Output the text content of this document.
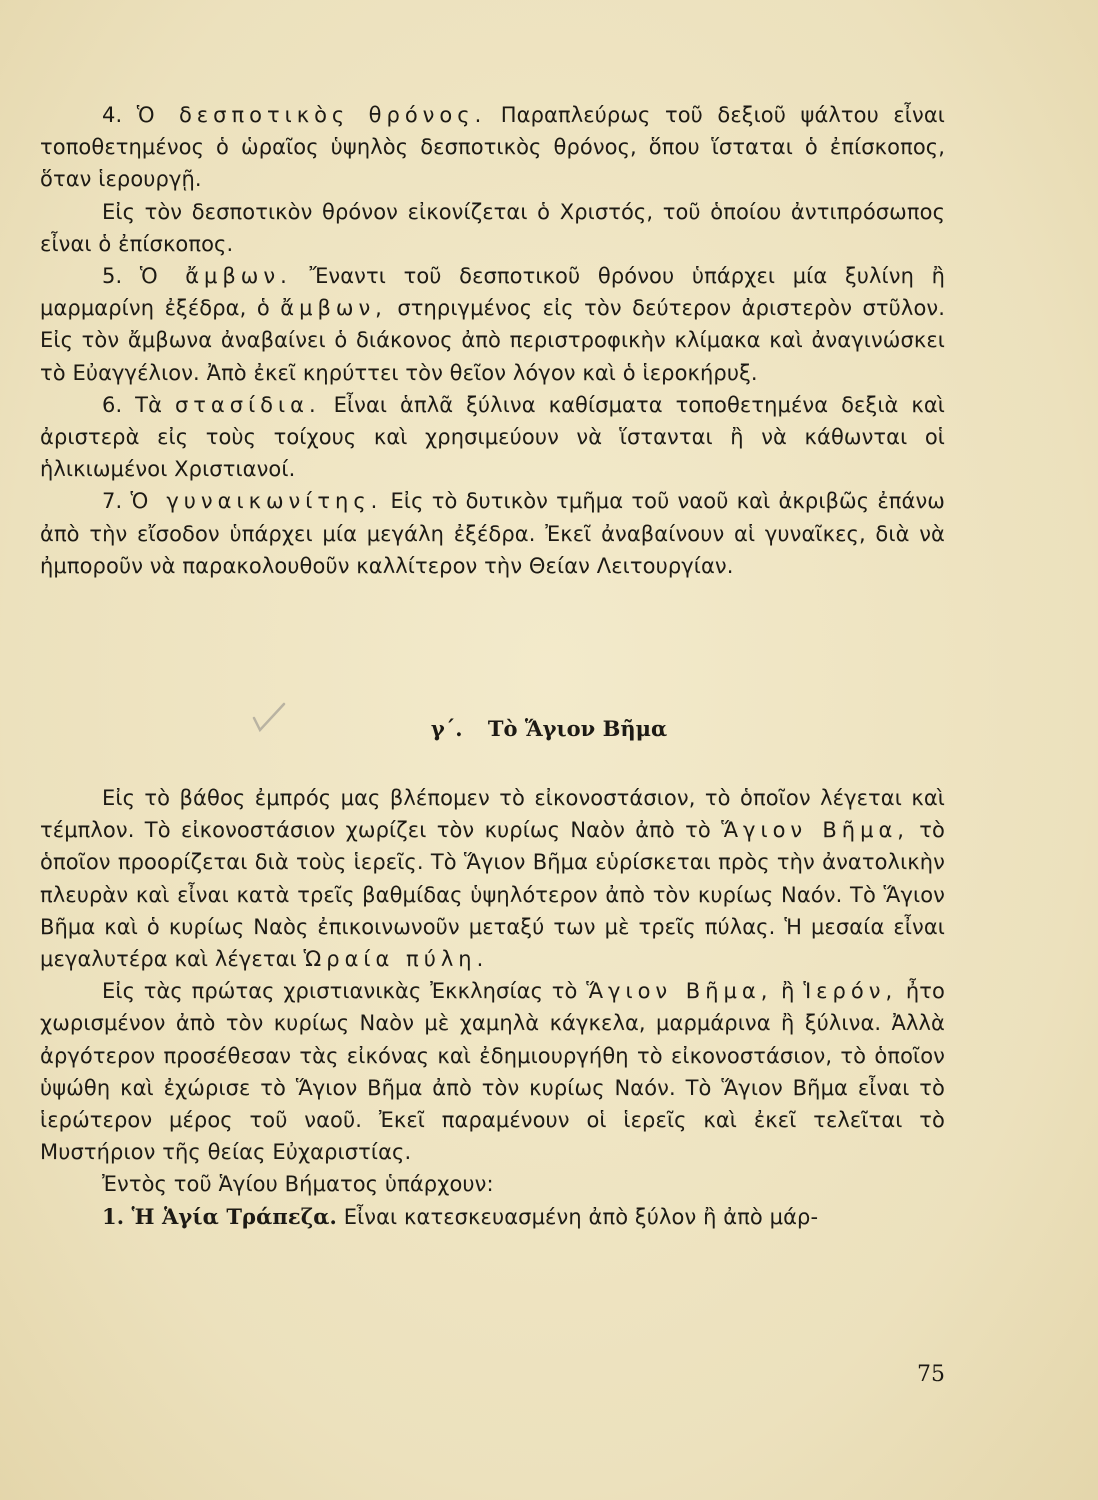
4. Ὁ δεσποτικὸς θρόνος. Παραπλεύρως τοῦ δεξιοῦ ψάλτου εἶναι τοποθετημένος ὁ ὡραῖος ὑψηλὸς δεσποτικὸς θρόνος, ὅπου ἵσταται ὁ ἐπίσκοπος, ὅταν ἱερουργῇ.

Εἰς τὸν δεσποτικὸν θρόνον εἰκονίζεται ὁ Χριστός, τοῦ ὁποίου ἀντιπρόσωπος εἶναι ὁ ἐπίσκοπος.

5. Ὁ ἄμβων. Ἔναντι τοῦ δεσποτικοῦ θρόνου ὑπάρχει μία ξυλίνη ἢ μαρμαρίνη ἐξέδρα, ὁ ἄμβων, στηριγμένος εἰς τὸν δεύτερον ἀριστερὸν στῦλον. Εἰς τὸν ἄμβωνα ἀναβαίνει ὁ διάκονος ἀπὸ περιστροφικὴν κλίμακα καὶ ἀναγινώσκει τὸ Εὐαγγέλιον. Ἀπὸ ἐκεῖ κηρύττει τὸν θεῖον λόγον καὶ ὁ ἱεροκήρυξ.

6. Τὰ στασίδια. Εἶναι ἁπλᾶ ξύλινα καθίσματα τοποθετημένα δεξιὰ καὶ ἀριστερὰ εἰς τοὺς τοίχους καὶ χρησιμεύουν νὰ ἵστανται ἢ νὰ κάθωνται οἱ ἡλικιωμένοι Χριστιανοί.

7. Ὁ γυναικωνίτης. Εἰς τὸ δυτικὸν τμῆμα τοῦ ναοῦ καὶ ἀκριβῶς ἐπάνω ἀπὸ τὴν εἴσοδον ὑπάρχει μία μεγάλη ἐξέδρα. Ἐκεῖ ἀναβαίνουν αἱ γυναῖκες, διὰ νὰ ἠμποροῦν νὰ παρακολουθοῦν καλλίτερον τὴν Θείαν Λειτουργίαν.

γ΄. Τὸ Ἅγιον Βῆμα

Εἰς τὸ βάθος ἐμπρός μας βλέπομεν τὸ εἰκονοστάσιον, τὸ ὁποῖον λέγεται καὶ τέμπλον. Τὸ εἰκονοστάσιον χωρίζει τὸν κυρίως Ναὸν ἀπὸ τὸ Ἅγιον Βῆμα, τὸ ὁποῖον προορίζεται διὰ τοὺς ἱερεῖς. Τὸ Ἅγιον Βῆμα εὑρίσκεται πρὸς τὴν ἀνατολικὴν πλευρὰν καὶ εἶναι κατὰ τρεῖς βαθμίδας ὑψηλότερον ἀπὸ τὸν κυρίως Ναόν. Τὸ Ἅγιον Βῆμα καὶ ὁ κυρίως Ναὸς ἐπικοινωνοῦν μεταξύ των μὲ τρεῖς πύλας. Ἡ μεσαία εἶναι μεγαλυτέρα καὶ λέγεται Ὡραία πύλη.

Εἰς τὰς πρώτας χριστιανικὰς Ἐκκλησίας τὸ Ἅγιον Βῆμα, ἢ Ἱερόν, ἦτο χωρισμένον ἀπὸ τὸν κυρίως Ναὸν μὲ χαμηλὰ κάγκελα, μαρμάρινα ἢ ξύλινα. Ἀλλὰ ἀργότερον προσέθεσαν τὰς εἰκόνας καὶ ἐδημιουργήθη τὸ εἰκονοστάσιον, τὸ ὁποῖον ὑψώθη καὶ ἐχώρισε τὸ Ἅγιον Βῆμα ἀπὸ τὸν κυρίως Ναόν. Τὸ Ἅγιον Βῆμα εἶναι τὸ ἱερώτερον μέρος τοῦ ναοῦ. Ἐκεῖ παραμένουν οἱ ἱερεῖς καὶ ἐκεῖ τελεῖται τὸ Μυστήριον τῆς θείας Εὐχαριστίας.

Ἐντὸς τοῦ Ἁγίου Βήματος ὑπάρχουν:

1. Ἡ Ἁγία Τράπεζα. Εἶναι κατεσκευασμένη ἀπὸ ξύλον ἢ ἀπὸ μάρ-

75
